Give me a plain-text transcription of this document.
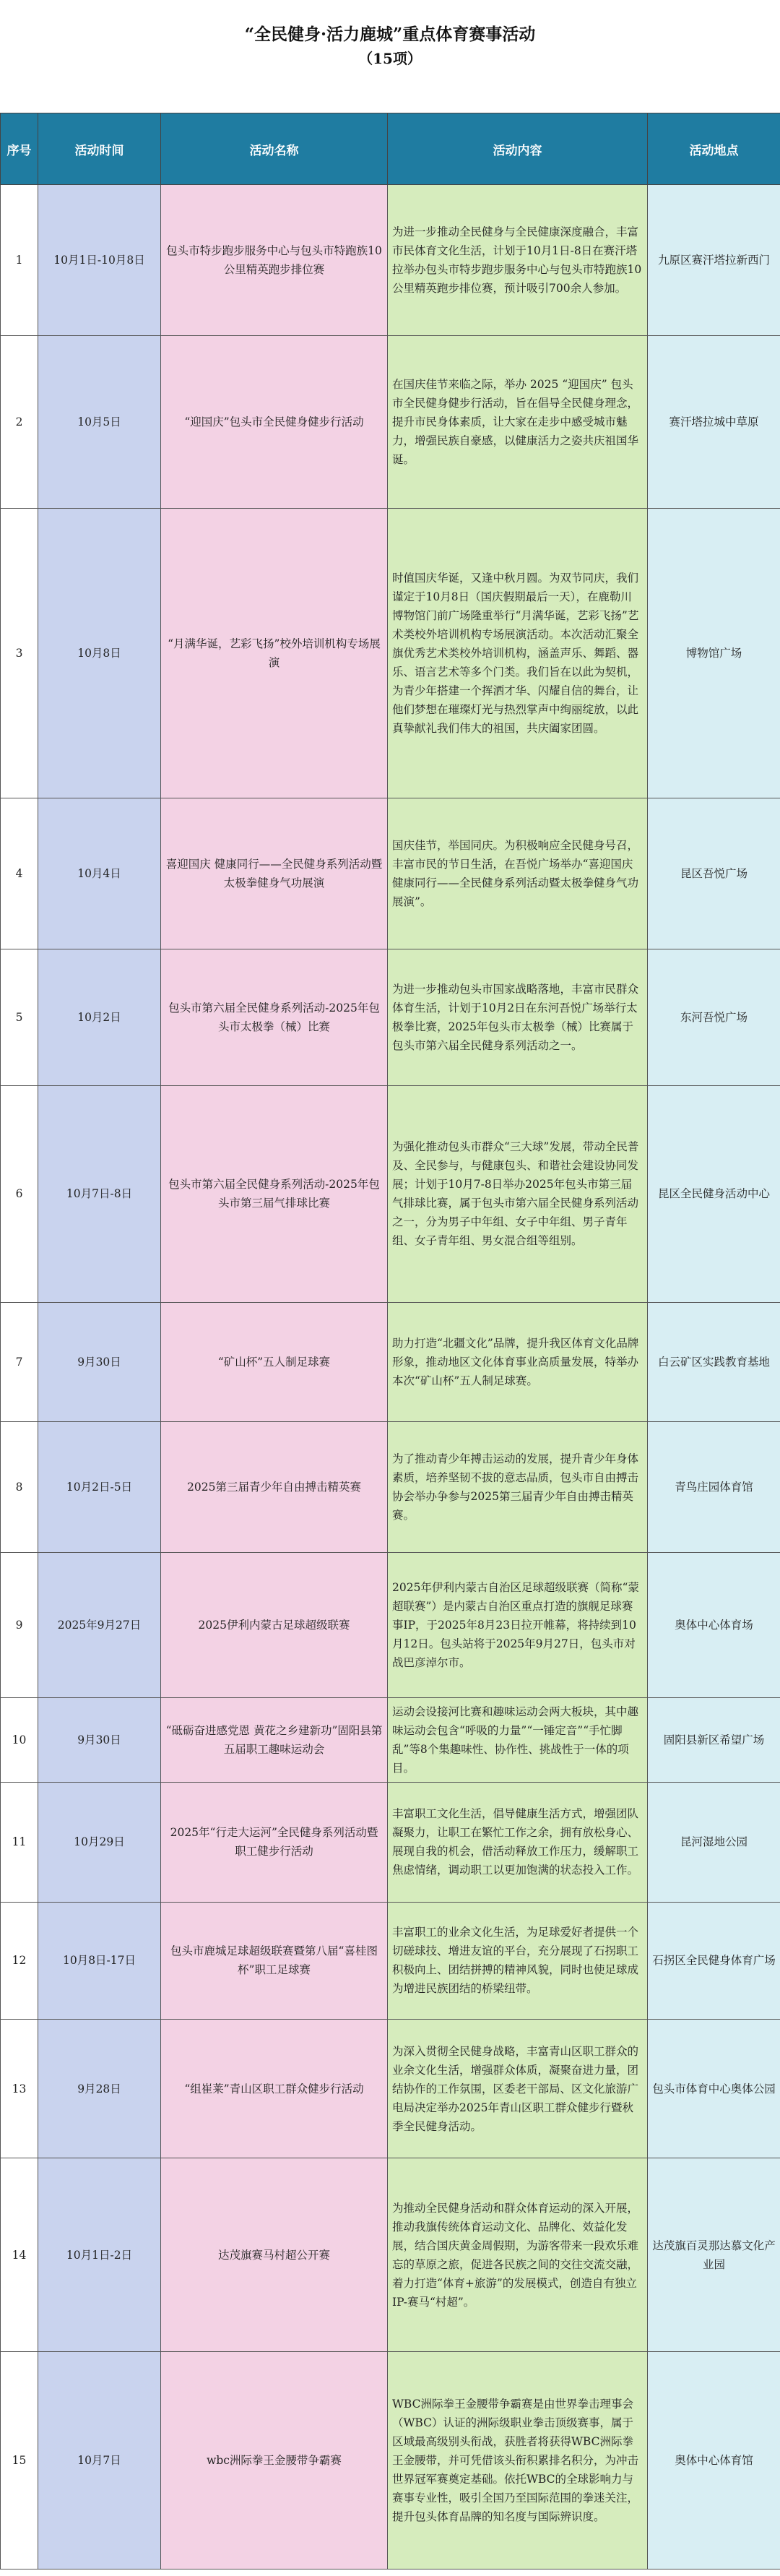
“全民健身·活力鹿城”重点体育赛事活动
（15项）
序号	活动时间	活动名称	活动内容	活动地点
1	10月1日-10月8日	包头市特步跑步服务中心与包头市特跑族10公里精英跑步排位赛	为进一步推动全民健身与全民健康深度融合，丰富市民体育文化生活，计划于10月1日-8日在赛汗塔拉举办包头市特步跑步服务中心与包头市特跑族10公里精英跑步排位赛，预计吸引700余人参加。	九原区赛汗塔拉新西门
2	10月5日	“迎国庆”包头市全民健身健步行活动	在国庆佳节来临之际，举办 2025 “迎国庆” 包头市全民健身健步行活动，旨在倡导全民健身理念，提升市民身体素质，让大家在走步中感受城市魅力，增强民族自豪感，以健康活力之姿共庆祖国华诞。	赛汗塔拉城中草原
3	10月8日	“月满华诞，艺彩飞扬”校外培训机构专场展演	时值国庆华诞，又逢中秋月圆。为双节同庆，我们谨定于10月8日（国庆假期最后一天），在鹿勒川博物馆门前广场隆重举行“月满华诞，艺彩飞扬”艺术类校外培训机构专场展演活动。本次活动汇聚全旗优秀艺术类校外培训机构，涵盖声乐、舞蹈、器乐、语言艺术等多个门类。我们旨在以此为契机，为青少年搭建一个挥洒才华、闪耀自信的舞台，让他们梦想在璀璨灯光与热烈掌声中绚丽绽放，以此真挚献礼我们伟大的祖国，共庆阖家团圆。	博物馆广场
4	10月4日	喜迎国庆 健康同行——全民健身系列活动暨太极拳健身气功展演	国庆佳节，举国同庆。为积极响应全民健身号召，丰富市民的节日生活，在吾悦广场举办“喜迎国庆 健康同行——全民健身系列活动暨太极拳健身气功展演”。	昆区吾悦广场
5	10月2日	包头市第六届全民健身系列活动-2025年包头市太极拳（械）比赛	为进一步推动包头市国家战略落地，丰富市民群众体育生活，计划于10月2日在东河吾悦广场举行太极拳比赛，2025年包头市太极拳（械）比赛属于包头市第六届全民健身系列活动之一。	东河吾悦广场
6	10月7日-8日	包头市第六届全民健身系列活动-2025年包头市第三届气排球比赛	为强化推动包头市群众“三大球”发展，带动全民普及、全民参与，与健康包头、和谐社会建设协同发展；计划于10月7-8日举办2025年包头市第三届气排球比赛，属于包头市第六届全民健身系列活动之一，分为男子中年组、女子中年组、男子青年组、女子青年组、男女混合组等组别。	昆区全民健身活动中心
7	9月30日	“矿山杯”五人制足球赛	助力打造“北疆文化”品牌，提升我区体育文化品牌形象，推动地区文化体育事业高质量发展，特举办本次“矿山杯”五人制足球赛。	白云矿区实践教育基地
8	10月2日-5日	2025第三届青少年自由搏击精英赛	为了推动青少年搏击运动的发展，提升青少年身体素质，培养坚韧不拔的意志品质，包头市自由搏击协会举办争参与2025第三届青少年自由搏击精英赛。	青鸟庄园体育馆
9	2025年9月27日	2025伊利内蒙古足球超级联赛	2025年伊利内蒙古自治区足球超级联赛（简称“蒙超联赛”）是内蒙古自治区重点打造的旗舰足球赛事IP，于2025年8月23日拉开帷幕，将持续到10月12日。包头站将于2025年9月27日，包头市对战巴彦淖尔市。	奥体中心体育场
10	9月30日	“砥砺奋进感党恩 黄花之乡建新功”固阳县第五届职工趣味运动会	运动会设接河比赛和趣味运动会两大板块，其中趣味运动会包含“呼吸的力量”“一锤定音”“手忙脚乱”等8个集趣味性、协作性、挑战性于一体的项目。	固阳县新区希望广场
11	10月29日	2025年“行走大运河”全民健身系列活动暨职工健步行活动	丰富职工文化生活，倡导健康生活方式，增强团队凝聚力，让职工在繁忙工作之余，拥有放松身心、展现自我的机会，借活动释放工作压力，缓解职工焦虑情绪，调动职工以更加饱满的状态投入工作。	昆河湿地公园
12	10月8日-17日	包头市鹿城足球超级联赛暨第八届“喜桂图杯”职工足球赛	丰富职工的业余文化生活，为足球爱好者提供一个切磋球技、增进友谊的平台，充分展现了石拐职工积极向上、团结拼搏的精神风貌，同时也使足球成为增进民族团结的桥梁纽带。	石拐区全民健身体育广场
13	9月28日	“组崔莱”青山区职工群众健步行活动	为深入贯彻全民健身战略，丰富青山区职工群众的业余文化生活，增强群众体质，凝聚奋进力量，团结协作的工作氛围，区委老干部局、区文化旅游广电局决定举办2025年青山区职工群众健步行暨秋季全民健身活动。	包头市体育中心奥体公园
14	10月1日-2日	达茂旗赛马村超公开赛	为推动全民健身活动和群众体育运动的深入开展，推动我旗传统体育运动文化、品牌化、效益化发展，结合国庆黄金周假期，为游客带来一段欢乐难忘的草原之旅，促进各民族之间的交往交流交融，着力打造“体育+旅游”的发展模式，创造自有独立IP-赛马“村超”。	达茂旗百灵那达慕文化产业园
15	10月7日	wbc洲际拳王金腰带争霸赛	WBC洲际拳王金腰带争霸赛是由世界拳击理事会（WBC）认证的洲际级职业拳击顶级赛事，属于区域最高级别头衔战，获胜者将获得WBC洲际拳王金腰带，并可凭借该头衔积累排名积分，为冲击世界冠军赛奠定基础。依托WBC的全球影响力与赛事专业性，吸引全国乃至国际范围的拳迷关注，提升包头体育品牌的知名度与国际辨识度。	奥体中心体育馆
